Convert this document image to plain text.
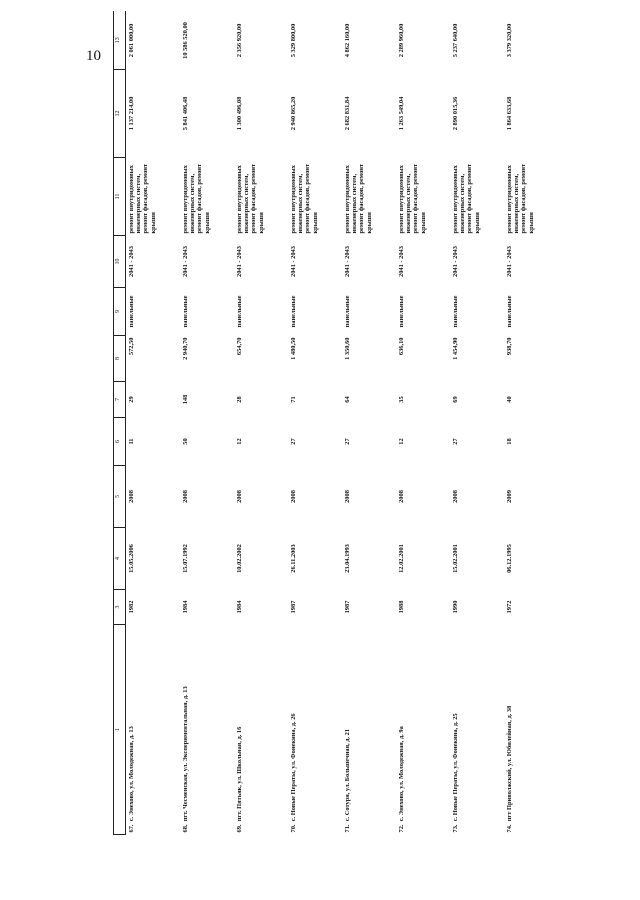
10
1	3	4	5	6	7	8	9	10	11	12	13
67.  с. Энехово, ул. Молодежная, д. 13	1982	15.05.2006	2008	11	29	572,50	панельные	2041 - 2043	ремонт внутридомовых инженерных систем, ремонт фасадов, ремонт крыши	1 137 214,00	2 061 000,00
68.  пгт. Чесменская, ул. Экспериментальная, д. 13	1984	15.07.1992	2008	50	148	2 940,70	панельные	2041 - 2043	ремонт внутридомовых инженерных систем, ремонт фасадов, ремонт крыши	5 841 406,48	10 586 520,00
69.  пгт. Пятьяк, ул. Школьная, д. 16	1984	10.02.2002	2008	12	28	654,70	панельные	2041 - 2043	ремонт внутридомовых инженерных систем, ремонт фасадов, ремонт крыши	1 300 496,08	2 356 920,00
70.  с. Новые Ператы, ул. Фонекина, д. 26	1987	26.11.2003	2008	27	71	1 480,50	панельные	2041 - 2043	ремонт внутридомовых инженерных систем, ремонт фасадов, ремонт крыши	2 940 865,20	5 329 800,00
71.  с. Сотуря, ул. Большечная, д. 21	1987	23.04.1993	2008	27	64	1 350,60	панельные	2041 - 2043	ремонт внутридомовых инженерных систем, ремонт фасадов, ремонт крыши	2 682 831,84	4 862 160,00
72.  с. Энехово, ул. Молодежная, д. 9а	1988	12.02.2001	2008	12	35	636,10	панельные	2041 - 2043	ремонт внутридомовых инженерных систем, ремонт фасадов, ремонт крыши	1 263 549,04	2 289 960,00
73.  с. Новые Ператы, ул. Фонекина, д. 25	1990	15.02.2001	2008	27	69	1 454,90	панельные	2041 - 2043	ремонт внутридомовых инженерных систем, ремонт фасадов, ремонт крыши	2 890 015,36	5 237 640,00
74.  пгт Приволжский, ул. Юбилейная, д. 38	1972	06.12.1995	2009	18	40	938,70	панельные	2041 - 2043	ремонт внутридомовых инженерных систем, ремонт фасадов, ремонт крыши	1 864 633,68	3 379 320,00
